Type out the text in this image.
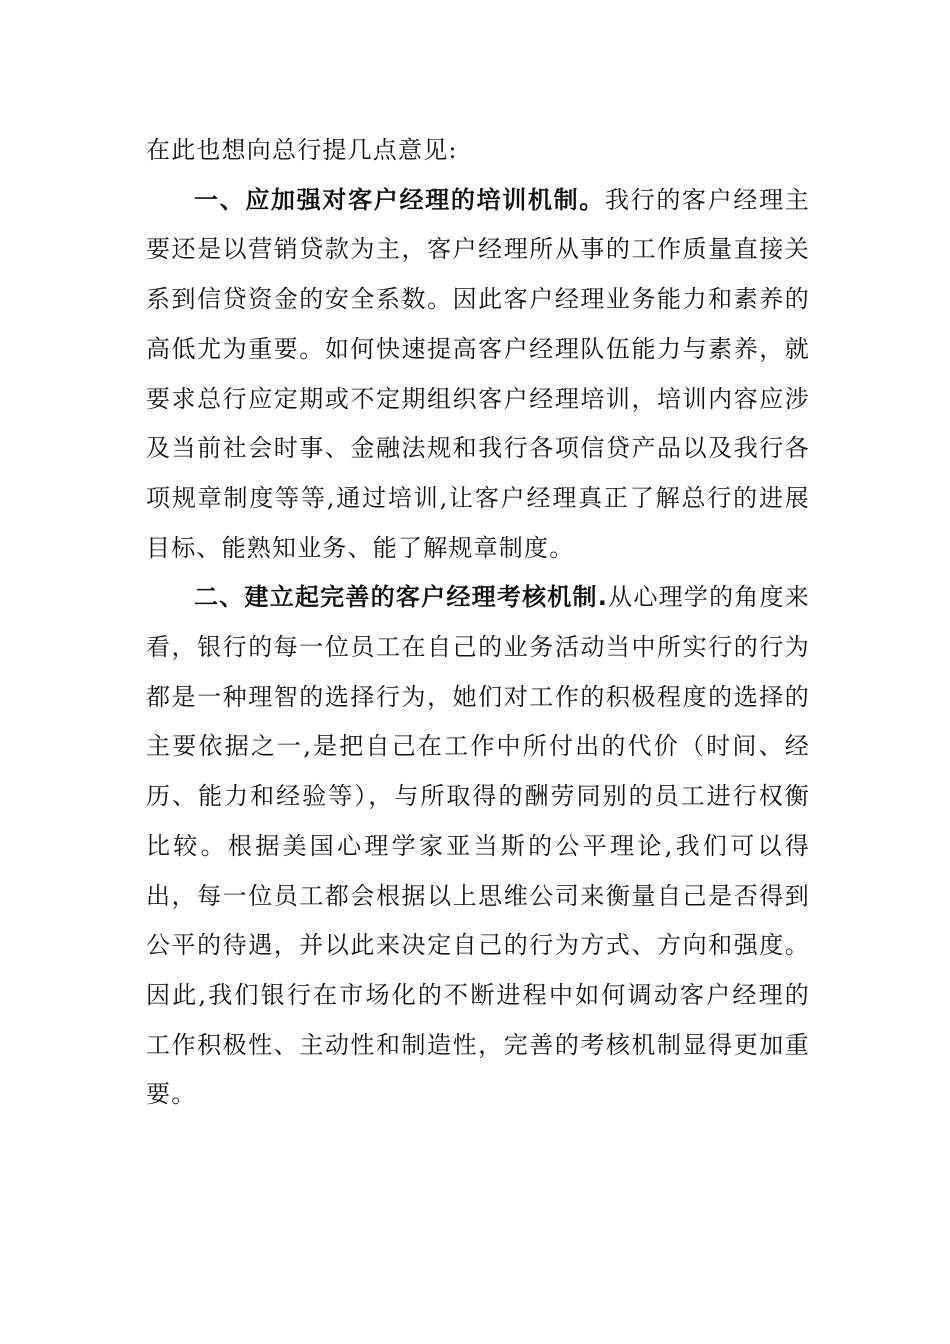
在此也想向总行提几点意见:

一、应加强对客户经理的培训机制。我行的客户经理主要还是以营销贷款为主，客户经理所从事的工作质量直接关系到信贷资金的安全系数。因此客户经理业务能力和素养的高低尤为重要。如何快速提高客户经理队伍能力与素养，就要求总行应定期或不定期组织客户经理培训，培训内容应涉及当前社会时事、金融法规和我行各项信贷产品以及我行各项规章制度等等,通过培训,让客户经理真正了解总行的进展目标、能熟知业务、能了解规章制度。

二、建立起完善的客户经理考核机制.从心理学的角度来看，银行的每一位员工在自己的业务活动当中所实行的行为都是一种理智的选择行为，她们对工作的积极程度的选择的主要依据之一,是把自己在工作中所付出的代价（时间、经历、能力和经验等），与所取得的酬劳同别的员工进行权衡比较。根据美国心理学家亚当斯的公平理论,我们可以得出，每一位员工都会根据以上思维公司来衡量自己是否得到公平的待遇，并以此来决定自己的行为方式、方向和强度。因此,我们银行在市场化的不断进程中如何调动客户经理的工作积极性、主动性和制造性，完善的考核机制显得更加重要。
